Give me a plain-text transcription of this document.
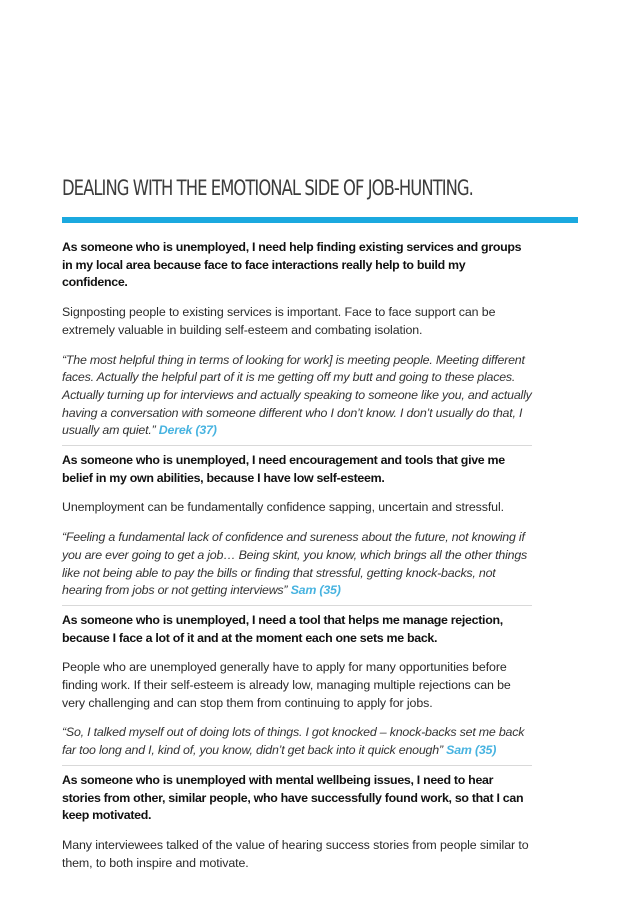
DEALING WITH THE EMOTIONAL SIDE OF JOB-HUNTING.

As someone who is unemployed, I need help finding existing services and groups in my local area because face to face interactions really help to build my confidence.

Signposting people to existing services is important. Face to face support can be extremely valuable in building self-esteem and combating isolation.

“The most helpful thing in terms of looking for work] is meeting people. Meeting different faces. Actually the helpful part of it is me getting off my butt and going to these places. Actually turning up for interviews and actually speaking to someone like you, and actually having a conversation with someone different who I don’t know. I don’t usually do that, I usually am quiet.” Derek (37)

As someone who is unemployed, I need encouragement and tools that give me belief in my own abilities, because I have low self-esteem.

Unemployment can be fundamentally confidence sapping, uncertain and stressful.

“Feeling a fundamental lack of confidence and sureness about the future, not knowing if you are ever going to get a job… Being skint, you know, which brings all the other things like not being able to pay the bills or finding that stressful, getting knock-backs, not hearing from jobs or not getting interviews” Sam (35)

As someone who is unemployed, I need a tool that helps me manage rejection, because I face a lot of it and at the moment each one sets me back.

People who are unemployed generally have to apply for many opportunities before finding work. If their self-esteem is already low, managing multiple rejections can be very challenging and can stop them from continuing to apply for jobs.

“So, I talked myself out of doing lots of things. I got knocked – knock-backs set me back far too long and I, kind of, you know, didn’t get back into it quick enough” Sam (35)

As someone who is unemployed with mental wellbeing issues, I need to hear stories from other, similar people, who have successfully found work, so that I can keep motivated.

Many interviewees talked of the value of hearing success stories from people similar to them, to both inspire and motivate.
